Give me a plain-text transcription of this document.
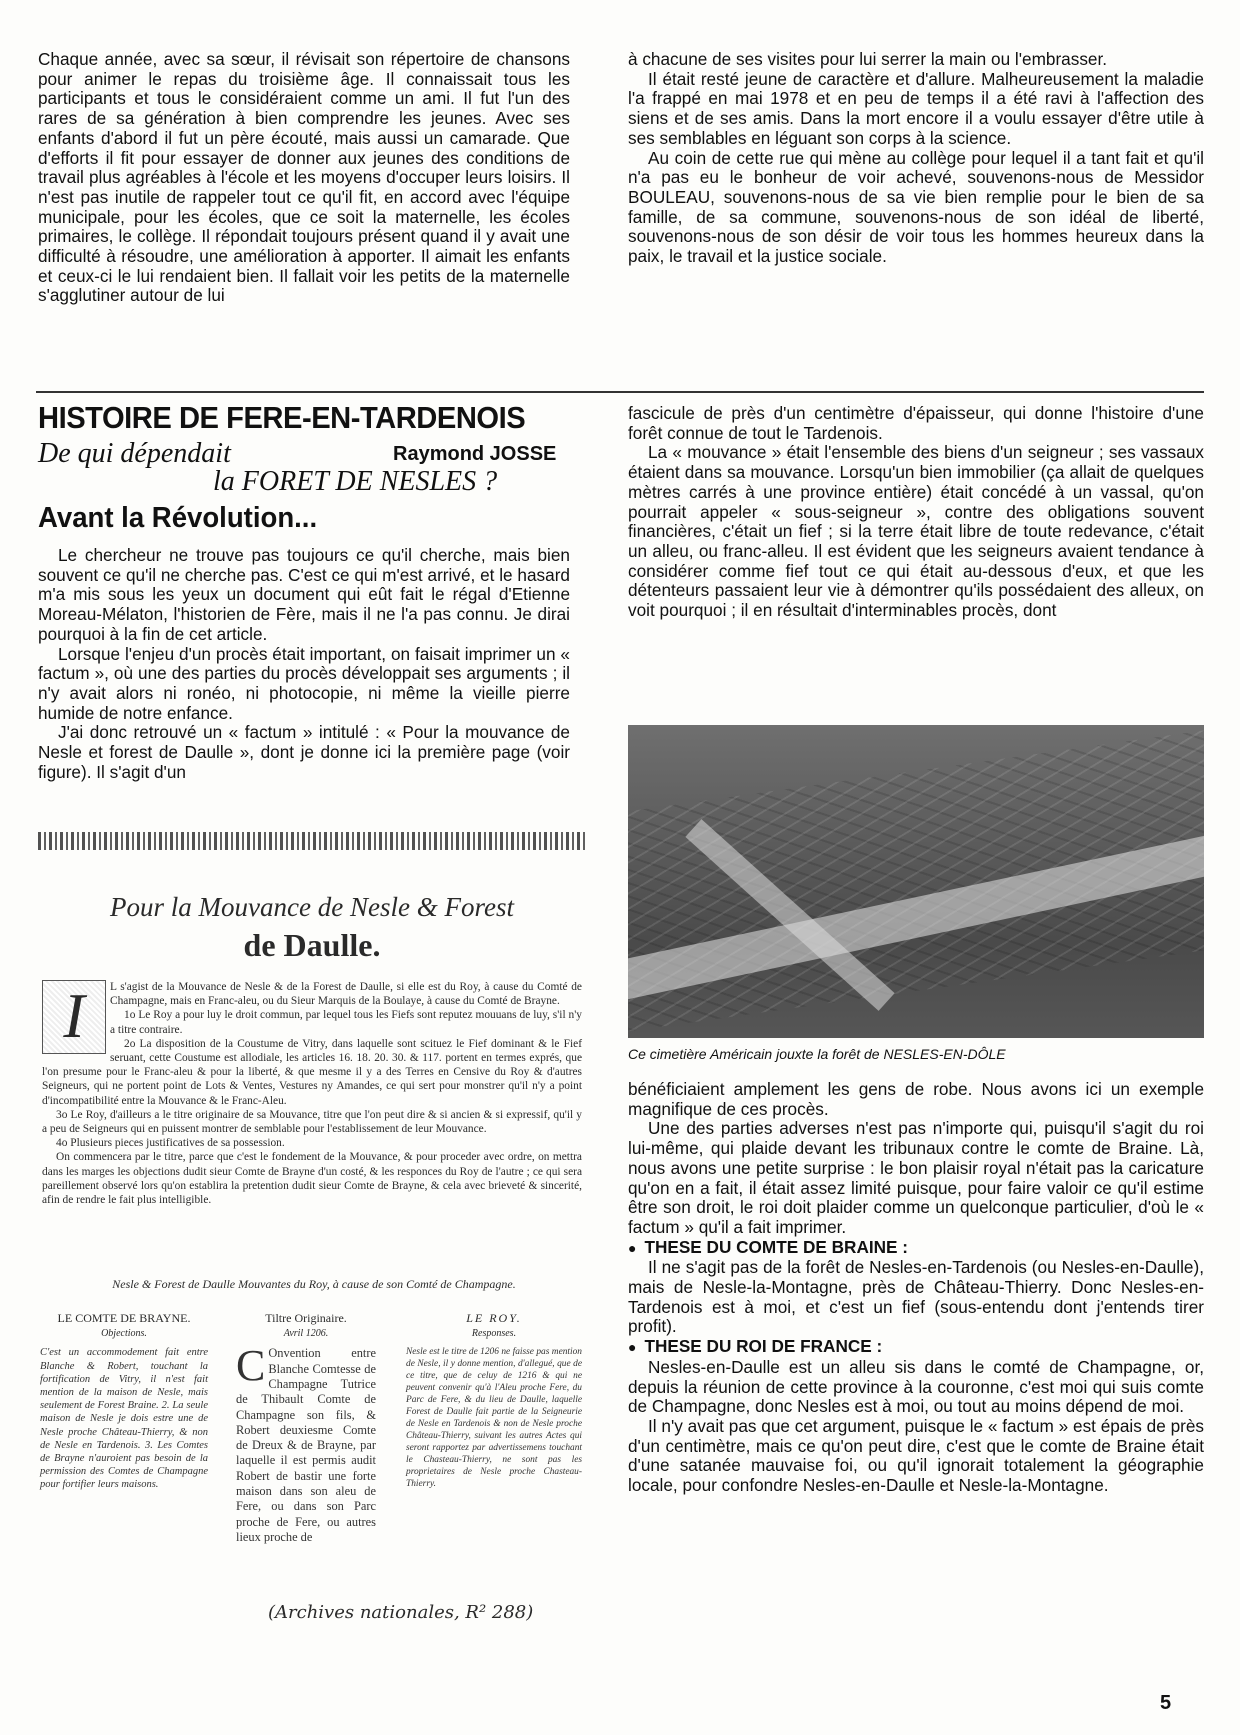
Chaque année, avec sa sœur, il révisait son répertoire de chansons pour animer le repas du troisième âge. Il connaissait tous les participants et tous le considéraient comme un ami. Il fut l'un des rares de sa génération à bien comprendre les jeunes. Avec ses enfants d'abord il fut un père écouté, mais aussi un camarade. Que d'efforts il fit pour essayer de donner aux jeunes des conditions de travail plus agréables à l'école et les moyens d'occuper leurs loisirs. Il n'est pas inutile de rappeler tout ce qu'il fit, en accord avec l'équipe municipale, pour les écoles, que ce soit la maternelle, les écoles primaires, le collège. Il répondait toujours présent quand il y avait une difficulté à résoudre, une amélioration à apporter. Il aimait les enfants et ceux-ci le lui rendaient bien. Il fallait voir les petits de la maternelle s'agglutiner autour de lui

à chacune de ses visites pour lui serrer la main ou l'embrasser.

Il était resté jeune de caractère et d'allure. Malheureusement la maladie l'a frappé en mai 1978 et en peu de temps il a été ravi à l'affection des siens et de ses amis. Dans la mort encore il a voulu essayer d'être utile à ses semblables en léguant son corps à la science.

Au coin de cette rue qui mène au collège pour lequel il a tant fait et qu'il n'a pas eu le bonheur de voir achevé, souvenons-nous de Messidor BOULEAU, souvenons-nous de sa vie bien remplie pour le bien de sa famille, de sa commune, souvenons-nous de son idéal de liberté, souvenons-nous de son désir de voir tous les hommes heureux dans la paix, le travail et la justice sociale.

HISTOIRE DE FERE-EN-TARDENOIS
De qui dépendait	Raymond JOSSE
la FORET DE NESLES ?
Avant la Révolution...

Le chercheur ne trouve pas toujours ce qu'il cherche, mais bien souvent ce qu'il ne cherche pas. C'est ce qui m'est arrivé, et le hasard m'a mis sous les yeux un document qui eût fait le régal d'Etienne Moreau-Mélaton, l'historien de Fère, mais il ne l'a pas connu. Je dirai pourquoi à la fin de cet article.

Lorsque l'enjeu d'un procès était important, on faisait imprimer un « factum », où une des parties du procès développait ses arguments ; il n'y avait alors ni ronéo, ni photocopie, ni même la vieille pierre humide de notre enfance.

J'ai donc retrouvé un « factum » intitulé : « Pour la mouvance de Nesle et forest de Daulle », dont je donne ici la première page (voir figure). Il s'agit d'un

Pour la Mouvance de Nesle & Forest
de Daulle.
I	L s'agist de la Mouvance de Nesle & de la Forest de Daulle, si elle est du Roy, à cause du Comté de Champagne, mais en Franc-aleu, ou du Sieur Marquis de la Boulaye, à cause du Comté de Brayne.

1o Le Roy a pour luy le droit commun, par lequel tous les Fiefs sont reputez mouuans de luy, s'il n'y a titre contraire.

2o La disposition de la Coustume de Vitry, dans laquelle sont scituez le Fief dominant & le Fief seruant, cette Coustume est allodiale, les articles 16. 18. 20. 30. & 117. portent en termes exprés, que l'on presume pour le Franc-aleu & pour la liberté, & que mesme il y a des Terres en Censive du Roy & d'autres Seigneurs, qui ne portent point de Lots & Ventes, Vestures ny Amandes, ce qui sert pour monstrer qu'il n'y a point d'incompatibilité entre la Mouvance & le Franc-Aleu.

3o Le Roy, d'ailleurs a le titre originaire de sa Mouvance, titre que l'on peut dire & si ancien & si expressif, qu'il y a peu de Seigneurs qui en puissent montrer de semblable pour l'establissement de leur Mouvance.

4o Plusieurs pieces justificatives de sa possession.

On commencera par le titre, parce que c'est le fondement de la Mouvance, & pour proceder avec ordre, on mettra dans les marges les objections dudit sieur Comte de Brayne d'un costé, & les responces du Roy de l'autre ; ce qui sera pareillement observé lors qu'on establira la pretention dudit sieur Comte de Brayne, & cela avec brieveté & sincerité, afin de rendre le fait plus intelligible.

Nesle & Forest de Daulle Mouvantes du Roy, à cause de son Comté de Champagne.
LE COMTE DE BRAYNE.
Objections.
C'est un accommodement fait entre Blanche & Robert, touchant la fortification de Vitry, il n'est fait mention de la maison de Nesle, mais seulement de Forest Braine. 2. La seule maison de Nesle je dois estre une de Nesle proche Château-Thierry, & non de Nesle en Tardenois. 3. Les Comtes de Brayne n'auroient pas besoin de la permission des Comtes de Champagne pour fortifier leurs maisons.
Tiltre Originaire.
Avril 1206.
C Onvention entre Blanche Comtesse de Champagne Tutrice de Thibault Comte de Champagne son fils, & Robert deuxiesme Comte de Dreux & de Brayne, par laquelle il est permis audit Robert de bastir une forte maison dans son aleu de Fere, ou dans son Parc proche de Fere, ou autres lieux proche de
LE ROY.
Responses.
Nesle est le titre de 1206 ne faisse pas mention de Nesle, il y donne mention, d'allegué, que de ce titre, que de celuy de 1216 & qui ne peuvent convenir qu'à l'Aleu proche Fere, du Parc de Fere, & du lieu de Daulle, laquelle Forest de Daulle fait partie de la Seigneurie de Nesle en Tardenois & non de Nesle proche Château-Thierry, suivant les autres Actes qui seront rapportez par advertissemens touchant le Chasteau-Thierry, ne sont pas les proprietaires de Nesle proche Chasteau-Thierry.
(Archives nationales, R² 288)

fascicule de près d'un centimètre d'épaisseur, qui donne l'histoire d'une forêt connue de tout le Tardenois.

La « mouvance » était l'ensemble des biens d'un seigneur ; ses vassaux étaient dans sa mouvance. Lorsqu'un bien immobilier (ça allait de quelques mètres carrés à une province entière) était concédé à un vassal, qu'on pourrait appeler « sous-seigneur », contre des obligations souvent financières, c'était un fief ; si la terre était libre de toute redevance, c'était un alleu, ou franc-alleu. Il est évident que les seigneurs avaient tendance à considérer comme fief tout ce qui était au-dessous d'eux, et que les détenteurs passaient leur vie à démontrer qu'ils possédaient des alleux, on voit pourquoi ; il en résultait d'interminables procès, dont

Ce cimetière Américain jouxte la forêt de NESLES-EN-DÔLE

bénéficiaient amplement les gens de robe. Nous avons ici un exemple magnifique de ces procès.

Une des parties adverses n'est pas n'importe qui, puisqu'il s'agit du roi lui-même, qui plaide devant les tribunaux contre le comte de Braine. Là, nous avons une petite surprise : le bon plaisir royal n'était pas la caricature qu'on en a fait, il était assez limité puisque, pour faire valoir ce qu'il estime être son droit, le roi doit plaider comme un quelconque particulier, d'où le « factum » qu'il a fait imprimer.

● THESE DU COMTE DE BRAINE :

Il ne s'agit pas de la forêt de Nesles-en-Tardenois (ou Nesles-en-Daulle), mais de Nesle-la-Montagne, près de Château-Thierry. Donc Nesles-en-Tardenois est à moi, et c'est un fief (sous-entendu dont j'entends tirer profit).

● THESE DU ROI DE FRANCE :

Nesles-en-Daulle est un alleu sis dans le comté de Champagne, or, depuis la réunion de cette province à la couronne, c'est moi qui suis comte de Champagne, donc Nesles est à moi, ou tout au moins dépend de moi.

Il n'y avait pas que cet argument, puisque le « factum » est épais de près d'un centimètre, mais ce qu'on peut dire, c'est que le comte de Braine était d'une satanée mauvaise foi, ou qu'il ignorait totalement la géographie locale, pour confondre Nesles-en-Daulle et Nesle-la-Montagne.

5
